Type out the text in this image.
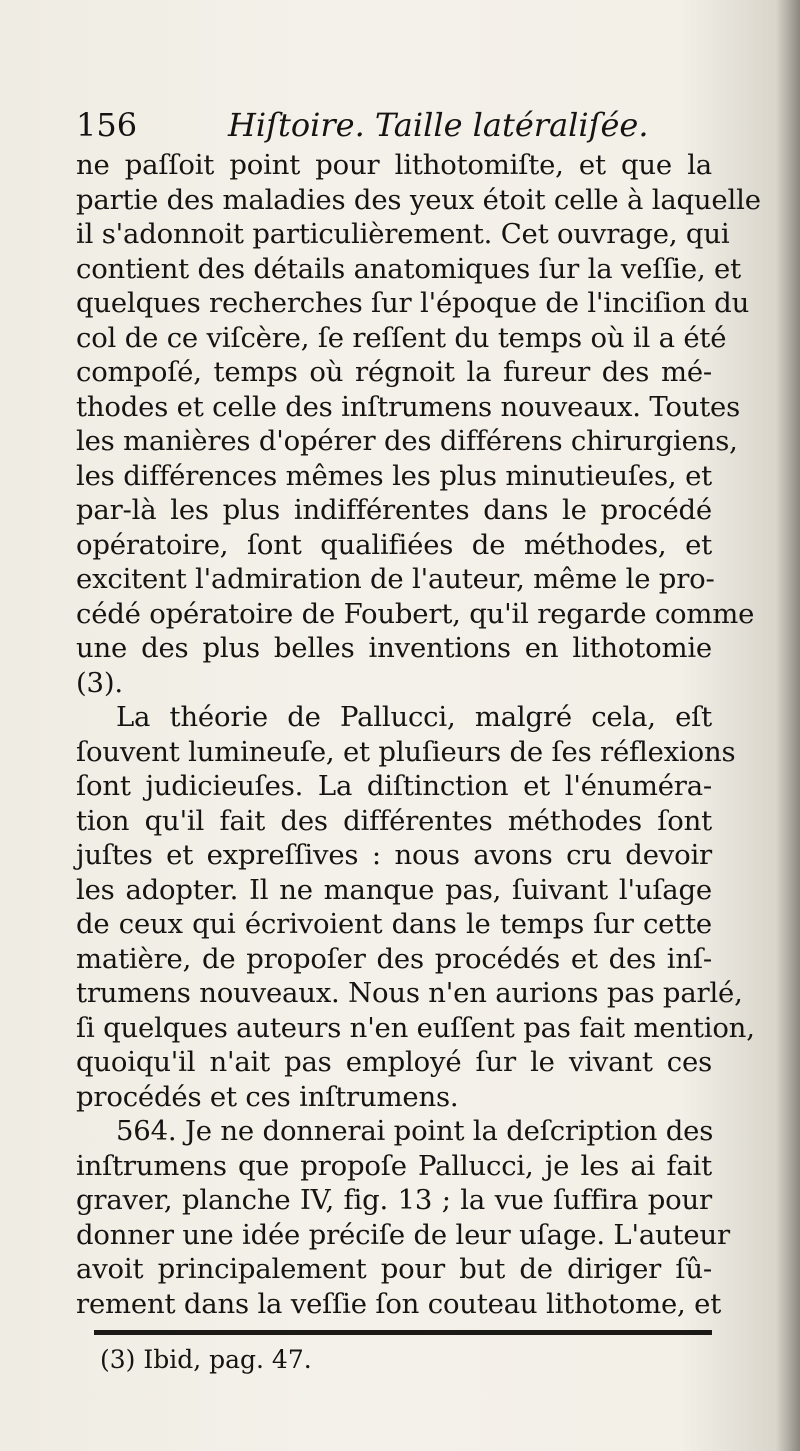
156	Hiſtoire. Taille latéraliſée.
ne paſſoit point pour lithotomiſte, et que la
partie des maladies des yeux étoit celle à laquelle
il s'adonnoit particulièrement. Cet ouvrage, qui
contient des détails anatomiques ſur la veſſie, et
quelques recherches ſur l'époque de l'inciſion du
col de ce viſcère, ſe reſſent du temps où il a été
compoſé, temps où régnoit la fureur des mé-
thodes et celle des inſtrumens nouveaux. Toutes
les manières d'opérer des différens chirurgiens,
les différences mêmes les plus minutieuſes, et
par-là les plus indifférentes dans le procédé
opératoire, ſont qualifiées de méthodes, et
excitent l'admiration de l'auteur, même le pro-
cédé opératoire de Foubert, qu'il regarde comme
une des plus belles inventions en lithotomie
(3).
La théorie de Pallucci, malgré cela, eſt
ſouvent lumineuſe, et pluſieurs de ſes réflexions
ſont judicieuſes. La diſtinction et l'énuméra-
tion qu'il fait des différentes méthodes ſont
juſtes et expreſſives : nous avons cru devoir
les adopter. Il ne manque pas, ſuivant l'uſage
de ceux qui écrivoient dans le temps ſur cette
matière, de propoſer des procédés et des inſ-
trumens nouveaux. Nous n'en aurions pas parlé,
ſi quelques auteurs n'en euſſent pas fait mention,
quoiqu'il n'ait pas employé ſur le vivant ces
procédés et ces inſtrumens.
564. Je ne donnerai point la deſcription des
inſtrumens que propoſe Pallucci, je les ai fait
graver, planche IV, fig. 13 ; la vue ſuffira pour
donner une idée préciſe de leur uſage. L'auteur
avoit principalement pour but de diriger ſû-
rement dans la veſſie ſon couteau lithotome, et
(3) Ibid, pag. 47.
